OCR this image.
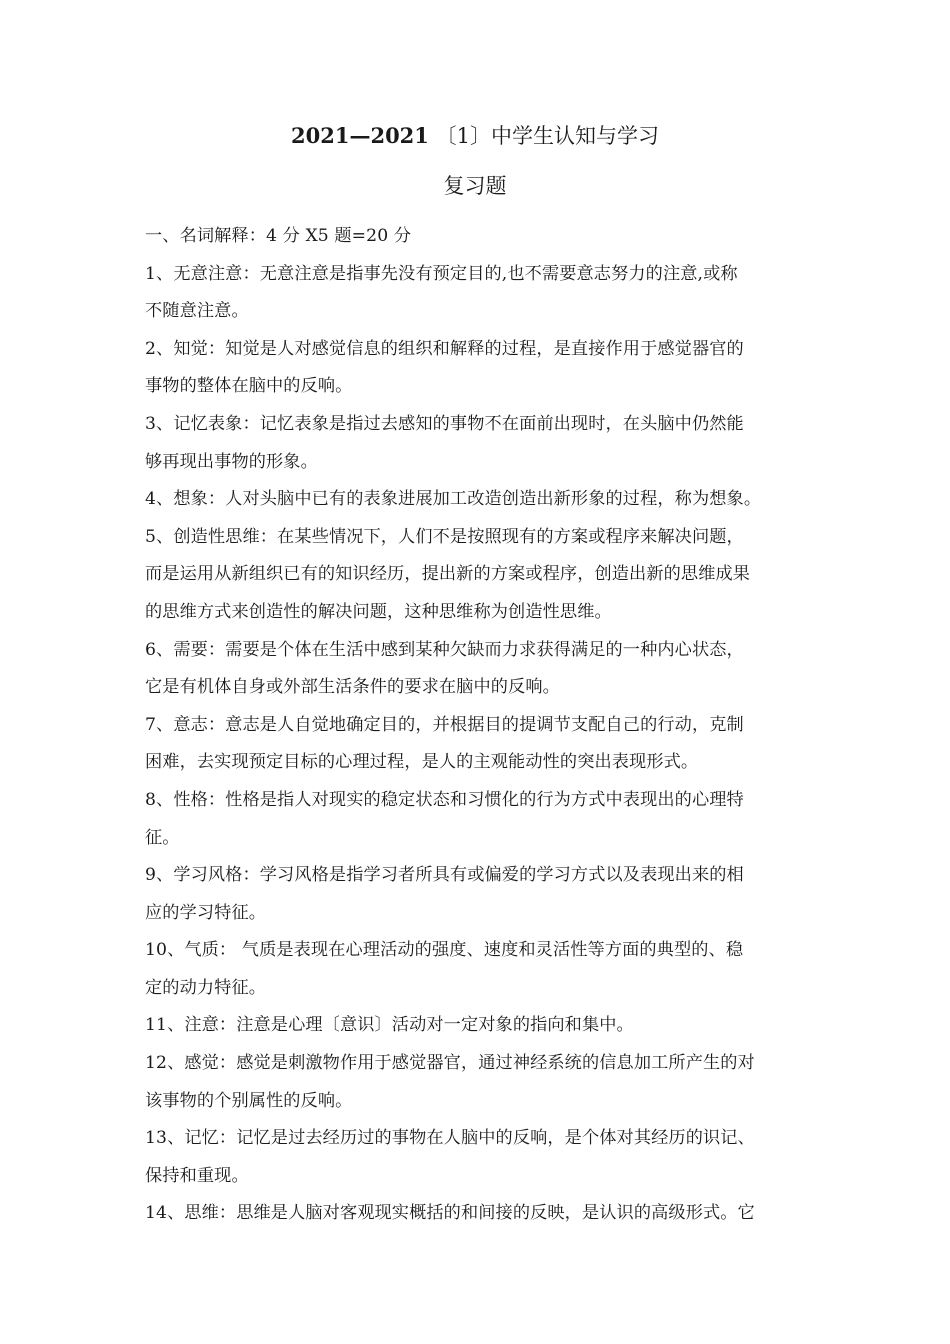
2021—2021 〔1〕中学生认知与学习
复习题
一、名词解释：4 分 X5 题=20 分
1、无意注意：无意注意是指事先没有预定目的,也不需要意志努力的注意,或称
不随意注意。
2、知觉：知觉是人对感觉信息的组织和解释的过程，是直接作用于感觉器官的
事物的整体在脑中的反响。
3、记忆表象：记忆表象是指过去感知的事物不在面前出现时，在头脑中仍然能
够再现出事物的形象。
4、想象：人对头脑中已有的表象进展加工改造创造出新形象的过程，称为想象。
5、创造性思维：在某些情况下，人们不是按照现有的方案或程序来解决问题，
而是运用从新组织已有的知识经历，提出新的方案或程序，创造出新的思维成果
的思维方式来创造性的解决问题，这种思维称为创造性思维。
6、需要：需要是个体在生活中感到某种欠缺而力求获得满足的一种内心状态，
它是有机体自身或外部生活条件的要求在脑中的反响。
7、意志：意志是人自觉地确定目的，并根据目的提调节支配自己的行动，克制
困难，去实现预定目标的心理过程，是人的主观能动性的突出表现形式。
8、性格：性格是指人对现实的稳定状态和习惯化的行为方式中表现出的心理特
征。
9、学习风格：学习风格是指学习者所具有或偏爱的学习方式以及表现出来的相
应的学习特征。
10、气质： 气质是表现在心理活动的强度、速度和灵活性等方面的典型的、稳
定的动力特征。
11、注意：注意是心理〔意识〕活动对一定对象的指向和集中。
12、感觉：感觉是刺激物作用于感觉器官，通过神经系统的信息加工所产生的对
该事物的个别属性的反响。
13、记忆：记忆是过去经历过的事物在人脑中的反响，是个体对其经历的识记、
保持和重现。
14、思维：思维是人脑对客观现实概括的和间接的反映，是认识的高级形式。它
